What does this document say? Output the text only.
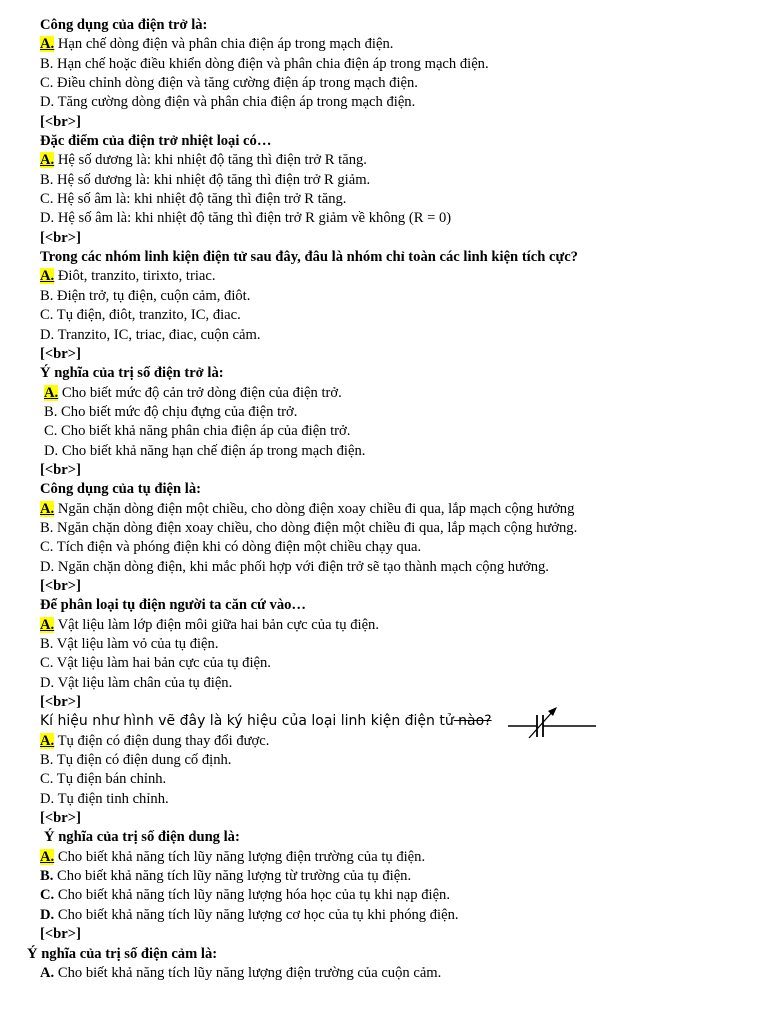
Công dụng của điện trở là:
A. Hạn chế dòng điện và phân chia điện áp trong mạch điện.
B. Hạn chế hoặc điều khiển dòng điện và phân chia điện áp trong mạch điện.
C. Điều chỉnh dòng điện và tăng cường điện áp trong mạch điện.
D. Tăng cường dòng điện và phân chia điện áp trong mạch điện.
[<br>]
Đặc điểm của điện trở nhiệt loại có…
A. Hệ số dương là: khi nhiệt độ tăng thì điện trở R tăng.
B. Hệ số dương là: khi nhiệt độ tăng thì điện trở R giảm.
C. Hệ số âm là: khi nhiệt độ tăng thì điện trở R tăng.
D. Hệ số âm là: khi nhiệt độ tăng thì điện trở R giảm về không (R = 0)
[<br>]
Trong các nhóm linh kiện điện tử sau đây, đâu là nhóm chỉ toàn các linh kiện tích cực?
A. Điôt, tranzito, tirixto, triac.
B. Điện trở, tụ điện, cuộn cảm, điôt.
C. Tụ điện, điôt, tranzito, IC, điac.
D. Tranzito, IC, triac, điac, cuộn cảm.
[<br>]
Ý nghĩa của trị số điện trở là:
A. Cho biết mức độ cản trở dòng điện của điện trở.
B. Cho biết mức độ chịu đựng của điện trở.
C. Cho biết khả năng phân chia điện áp của điện trở.
D. Cho biết khả năng hạn chế điện áp trong mạch điện.
[<br>]
Công dụng của tụ điện là:
A. Ngăn chặn dòng điện một chiều, cho dòng điện xoay chiều đi qua, lắp mạch cộng hưởng
B. Ngăn chặn dòng điện xoay chiều, cho dòng điện một chiều đi qua, lắp mạch cộng hưởng.
C. Tích điện và phóng điện khi có dòng điện một chiều chạy qua.
D. Ngăn chặn dòng điện, khi mắc phối hợp với điện trở sẽ tạo thành mạch cộng hưởng.
[<br>]
Để phân loại tụ điện người ta căn cứ vào…
A. Vật liệu làm lớp điện môi giữa hai bản cực của tụ điện.
B. Vật liệu làm vỏ của tụ điện.
C. Vật liệu làm hai bản cực của tụ điện.
D. Vật liệu làm chân của tụ điện.
[<br>]
Kí hiệu như hình vẽ đây là ký hiệu của loại linh kiện điện tử nào?
A. Tụ điện có điện dung thay đổi được.
B. Tụ điện có điện dung cố định.
C. Tụ điện bán chỉnh.
D. Tụ điện tinh chỉnh.
[<br>]
Ý nghĩa của trị số điện dung là:
A. Cho biết khả năng tích lũy năng lượng điện trường của tụ điện.
B. Cho biết khả năng tích lũy năng lượng từ trường của tụ điện.
C. Cho biết khả năng tích lũy năng lượng hóa học của tụ khi nạp điện.
D. Cho biết khả năng tích lũy năng lượng cơ học của tụ khi phóng điện.
[<br>]
Ý nghĩa của trị số điện cảm là:
A. Cho biết khả năng tích lũy năng lượng điện trường của cuộn cảm.
